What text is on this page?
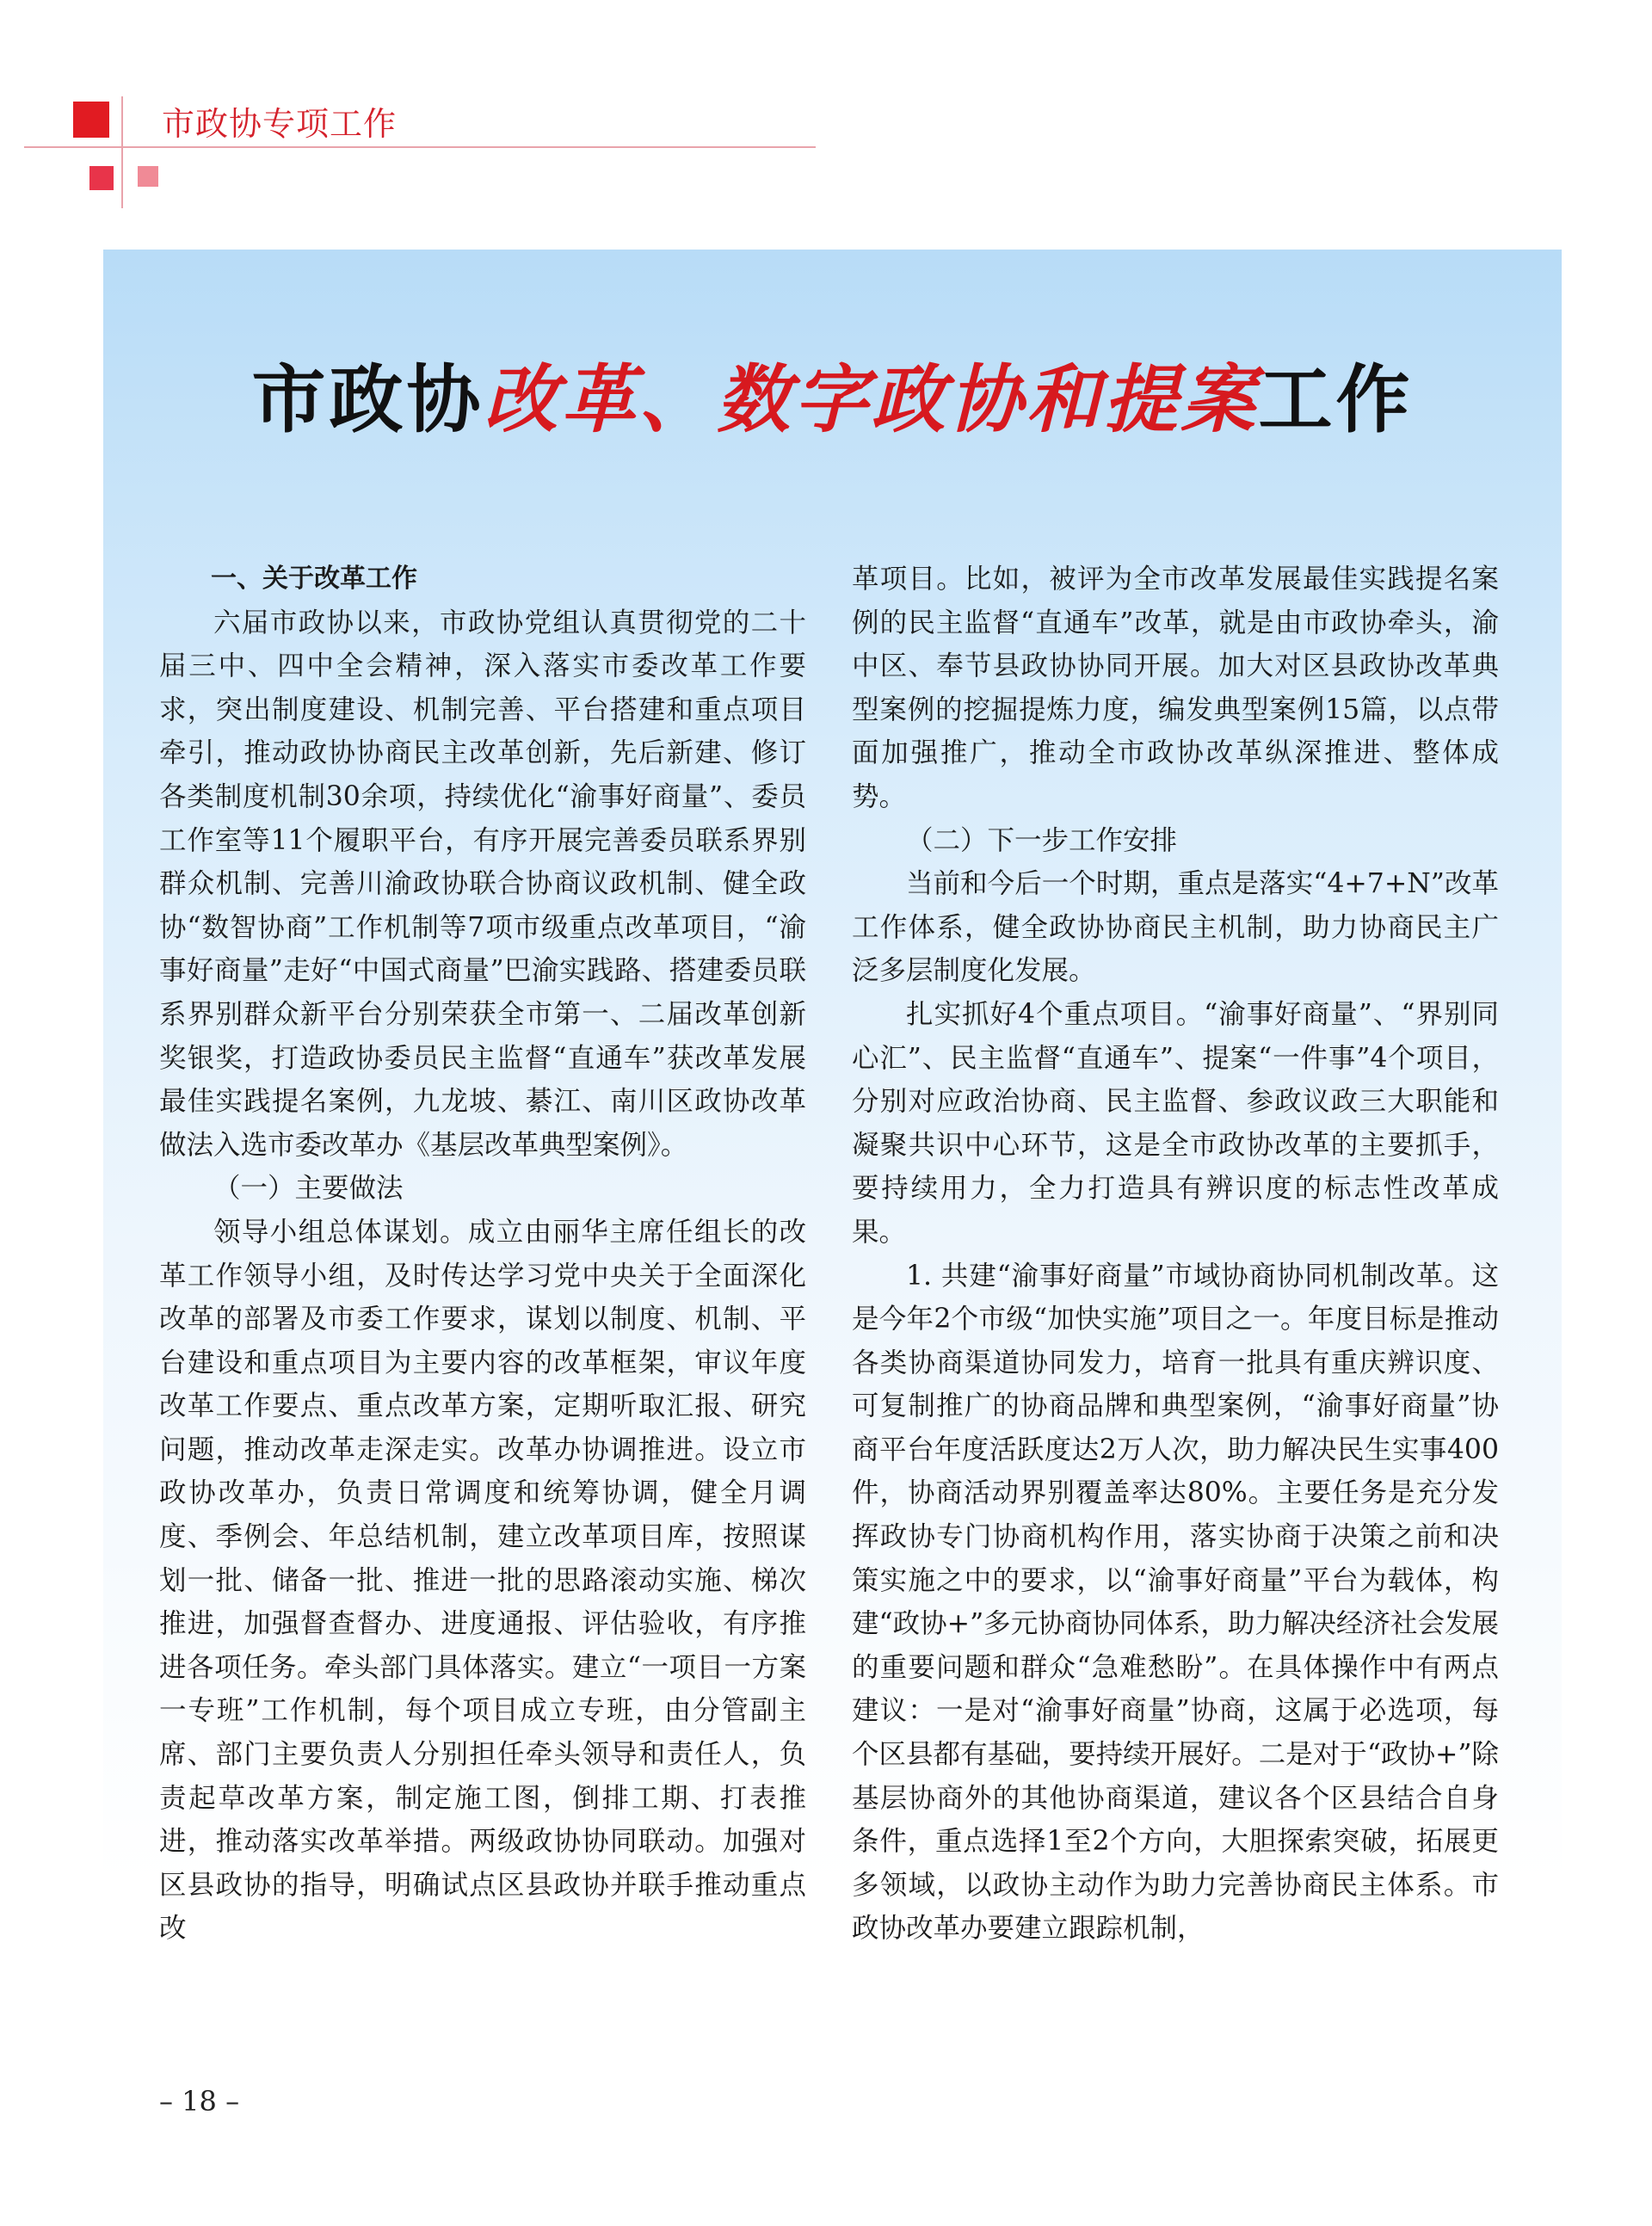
市政协专项工作
市政协改革、数字政协和提案工作
一、关于改革工作

六届市政协以来，市政协党组认真贯彻党的二十届三中、四中全会精神，深入落实市委改革工作要求，突出制度建设、机制完善、平台搭建和重点项目牵引，推动政协协商民主改革创新，先后新建、修订各类制度机制30余项，持续优化“渝事好商量”、委员工作室等11个履职平台，有序开展完善委员联系界别群众机制、完善川渝政协联合协商议政机制、健全政协“数智协商”工作机制等7项市级重点改革项目，“渝事好商量”走好“中国式商量”巴渝实践路、搭建委员联系界别群众新平台分别荣获全市第一、二届改革创新奖银奖，打造政协委员民主监督“直通车”获改革发展最佳实践提名案例，九龙坡、綦江、南川区政协改革做法入选市委改革办《基层改革典型案例》。

（一）主要做法

领导小组总体谋划。成立由丽华主席任组长的改革工作领导小组，及时传达学习党中央关于全面深化改革的部署及市委工作要求，谋划以制度、机制、平台建设和重点项目为主要内容的改革框架，审议年度改革工作要点、重点改革方案，定期听取汇报、研究问题，推动改革走深走实。改革办协调推进。设立市政协改革办，负责日常调度和统筹协调，健全月调度、季例会、年总结机制，建立改革项目库，按照谋划一批、储备一批、推进一批的思路滚动实施、梯次推进，加强督查督办、进度通报、评估验收，有序推进各项任务。牵头部门具体落实。建立“一项目一方案一专班”工作机制，每个项目成立专班，由分管副主席、部门主要负责人分别担任牵头领导和责任人，负责起草改革方案，制定施工图，倒排工期、打表推进，推动落实改革举措。两级政协协同联动。加强对区县政协的指导，明确试点区县政协并联手推动重点改

革项目。比如，被评为全市改革发展最佳实践提名案例的民主监督“直通车”改革，就是由市政协牵头，渝中区、奉节县政协协同开展。加大对区县政协改革典型案例的挖掘提炼力度，编发典型案例15篇，以点带面加强推广，推动全市政协改革纵深推进、整体成势。

（二）下一步工作安排

当前和今后一个时期，重点是落实“4+7+N”改革工作体系，健全政协协商民主机制，助力协商民主广泛多层制度化发展。

扎实抓好4个重点项目。“渝事好商量”、“界别同心汇”、民主监督“直通车”、提案“一件事”4个项目，分别对应政治协商、民主监督、参政议政三大职能和凝聚共识中心环节，这是全市政协改革的主要抓手，要持续用力，全力打造具有辨识度的标志性改革成果。

1. 共建“渝事好商量”市域协商协同机制改革。这是今年2个市级“加快实施”项目之一。年度目标是推动各类协商渠道协同发力，培育一批具有重庆辨识度、可复制推广的协商品牌和典型案例，“渝事好商量”协商平台年度活跃度达2万人次，助力解决民生实事400件，协商活动界别覆盖率达80%。主要任务是充分发挥政协专门协商机构作用，落实协商于决策之前和决策实施之中的要求，以“渝事好商量”平台为载体，构建“政协+”多元协商协同体系，助力解决经济社会发展的重要问题和群众“急难愁盼”。在具体操作中有两点建议：一是对“渝事好商量”协商，这属于必选项，每个区县都有基础，要持续开展好。二是对于“政协+”除基层协商外的其他协商渠道，建议各个区县结合自身条件，重点选择1至2个方向，大胆探索突破，拓展更多领域，以政协主动作为助力完善协商民主体系。市政协改革办要建立跟踪机制，

– 18 –
